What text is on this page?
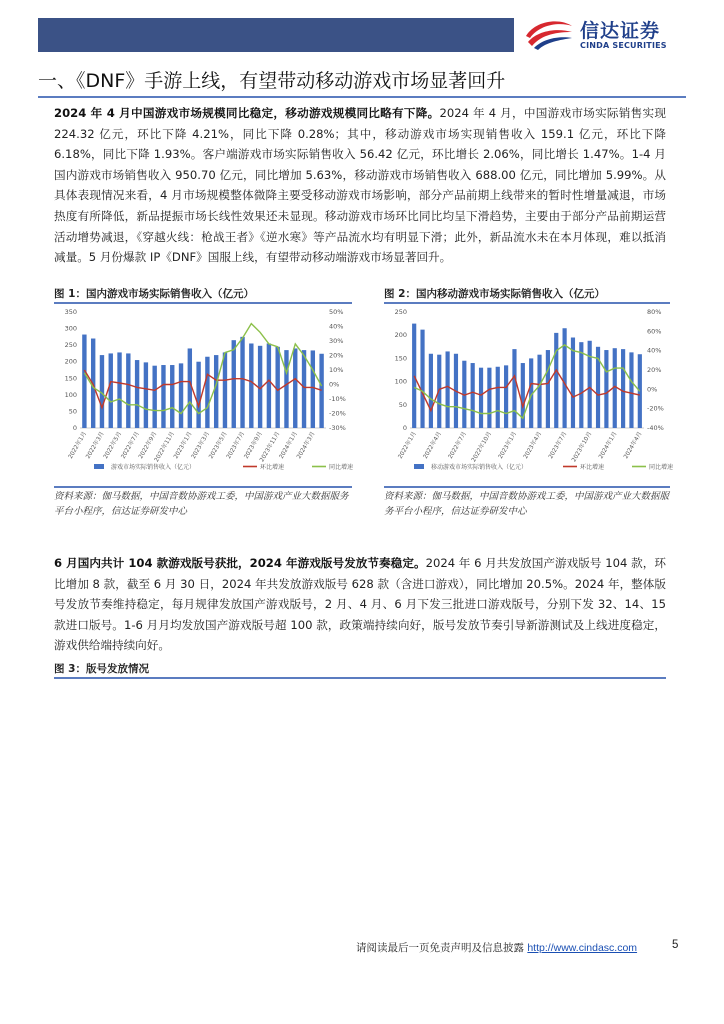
信达证券
CINDA SECURITIES
一、《DNF》手游上线，有望带动移动游戏市场显著回升
2024 年 4 月中国游戏市场规模同比稳定，移动游戏规模同比略有下降。2024 年 4 月，中国游戏市场实际销售实现 224.32 亿元，环比下降 4.21%，同比下降 0.28%；其中，移动游戏市场实现销售收入 159.1 亿元，环比下降 6.18%，同比下降 1.93%。客户端游戏市场实际销售收入 56.42 亿元，环比增长 2.06%，同比增长 1.47%。1-4 月国内游戏市场销售收入 950.70 亿元，同比增加 5.63%，移动游戏市场销售收入 688.00 亿元，同比增加 5.99%。从具体表现情况来看，4 月市场规模整体微降主要受移动游戏市场影响，部分产品前期上线带来的暂时性增量减退，市场热度有所降低，新品提振市场长线性效果还未显现。移动游戏市场环比同比均呈下滑趋势，主要由于部分产品前期运营活动增势减退，《穿越火线：枪战王者》《逆水寒》等产品流水均有明显下滑；此外，新品流水未在本月体现，难以抵消减量。5 月份爆款 IP《DNF》国服上线，有望带动移动端游戏市场显著回升。
图 1：国内游戏市场实际销售收入（亿元）	图 2：国内移动游戏市场实际销售收入（亿元）
0
50
100
150
200
250
300
350
-30%
-20%
-10%
0%
10%
20%
30%
40%
50%
2022年1月
2022年3月
2022年5月
2022年7月
2022年9月
2022年11月
2023年1月
2023年3月
2023年5月
2023年7月
2023年9月
2023年11月
2024年1月
2024年3月
游戏市场实际销售收入（亿元）	环比增速	同比增速
0
50
100
150
200
250
-40%
-20%
0%
20%
40%
60%
80%
2022年1月 2022年4月 2022年7月 2022年10月 2023年1月 2023年4月 2023年7月 2023年10月 2024年1月 2024年4月
移动游戏市场实际销售收入（亿元）	环比增速	同比增速
资料来源：伽马数据，中国音数协游戏工委，中国游戏产业大数据服务平台小程序，信达证券研发中心
资料来源：伽马数据，中国音数协游戏工委，中国游戏产业大数据服务平台小程序，信达证券研发中心
6 月国内共计 104 款游戏版号获批，2024 年游戏版号发放节奏稳定。2024 年 6 月共发放国产游戏版号 104 款，环比增加 8 款，截至 6 月 30 日，2024 年共发放游戏版号 628 款（含进口游戏），同比增加 20.5%。2024 年，整体版号发放节奏维持稳定，每月规律发放国产游戏版号，2 月、4 月、6 月下发三批进口游戏版号，分别下发 32、14、15 款进口版号。1-6 月月均发放国产游戏版号超 100 款，政策端持续向好，版号发放节奏引导新游测试及上线进度稳定，游戏供给端持续向好。
图 3：版号发放情况
请阅读最后一页免责声明及信息披露 http://www.cindasc.com	5
